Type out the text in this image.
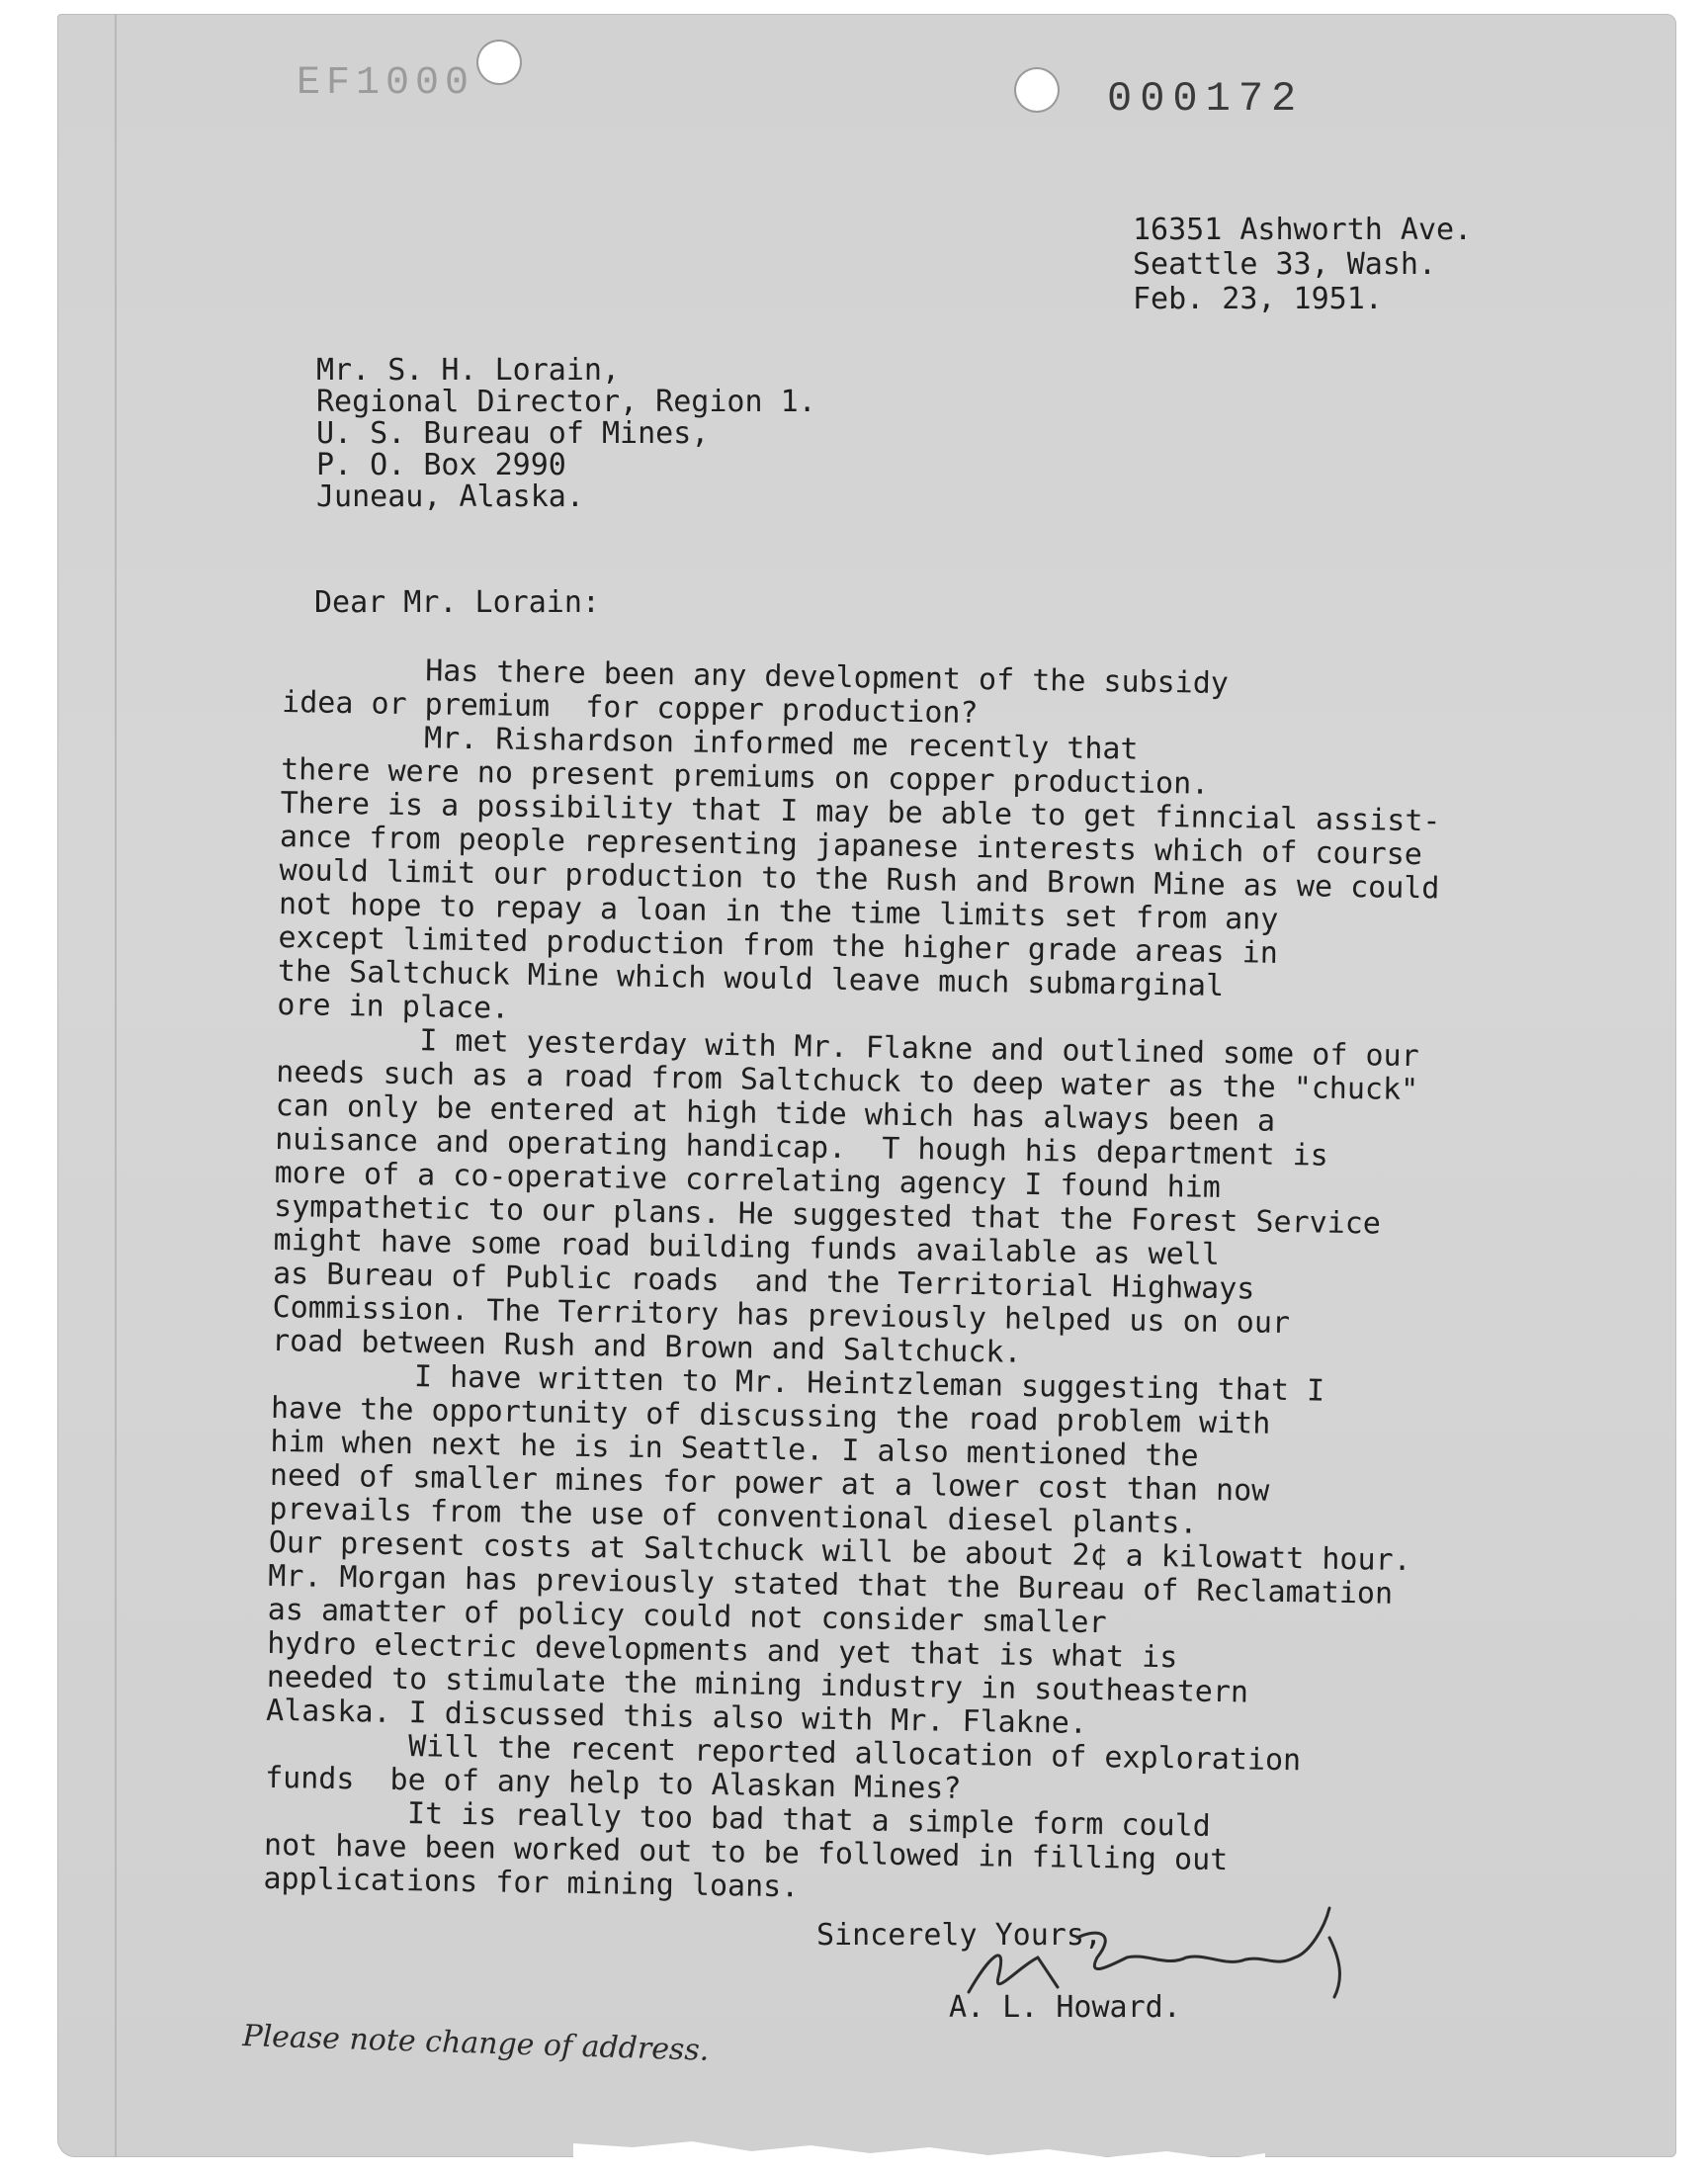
EF1000	000172
16351 Ashworth Ave.
Seattle 33, Wash.
Feb. 23, 1951.
Mr. S. H. Lorain,
Regional Director, Region 1.
U. S. Bureau of Mines,
P. O. Box 2990
Juneau, Alaska.
Dear Mr. Lorain:
Has there been any development of the subsidy
idea or premium  for copper production?
Mr. Rishardson informed me recently that
there were no present premiums on copper production.
There is a possibility that I may be able to get finncial assist-
ance from people representing japanese interests which of course
would limit our production to the Rush and Brown Mine as we could
not hope to repay a loan in the time limits set from any
except limited production from the higher grade areas in
the Saltchuck Mine which would leave much submarginal
ore in place.
I met yesterday with Mr. Flakne and outlined some of our
needs such as a road from Saltchuck to deep water as the "chuck"
can only be entered at high tide which has always been a
nuisance and operating handicap.  T hough his department is
more of a co-operative correlating agency I found him
sympathetic to our plans. He suggested that the Forest Service
might have some road building funds available as well
as Bureau of Public roads  and the Territorial Highways
Commission. The Territory has previously helped us on our
road between Rush and Brown and Saltchuck.
I have written to Mr. Heintzleman suggesting that I
have the opportunity of discussing the road problem with
him when next he is in Seattle. I also mentioned the
need of smaller mines for power at a lower cost than now
prevails from the use of conventional diesel plants.
Our present costs at Saltchuck will be about 2¢ a kilowatt hour.
Mr. Morgan has previously stated that the Bureau of Reclamation
as amatter of policy could not consider smaller
hydro electric developments and yet that is what is
needed to stimulate the mining industry in southeastern
Alaska. I discussed this also with Mr. Flakne.
Will the recent reported allocation of exploration
funds  be of any help to Alaskan Mines?
It is really too bad that a simple form could
not have been worked out to be followed in filling out
applications for mining loans.
Sincerely Yours,
A. L. Howard.
Please note change of address.
